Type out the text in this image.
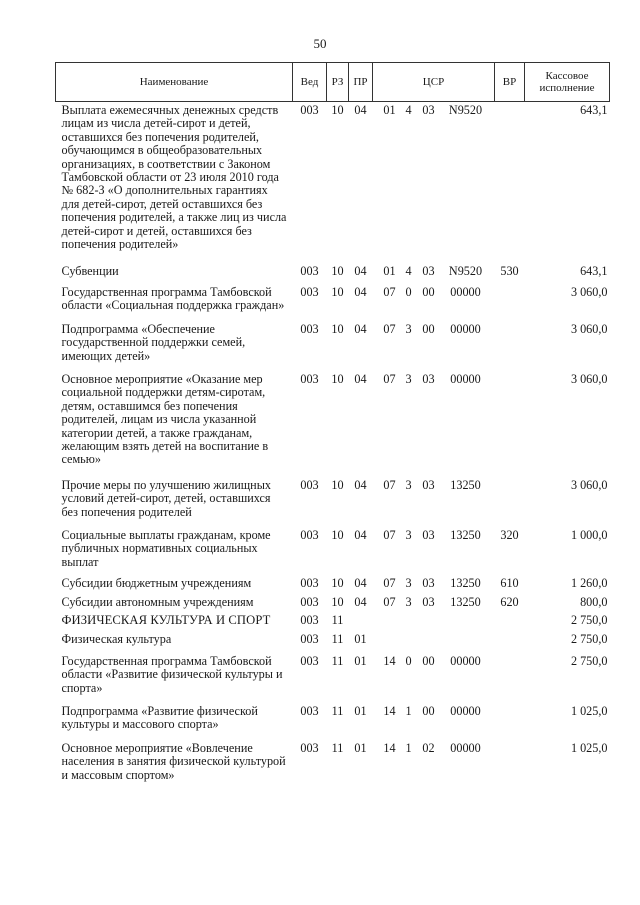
50
Наименование	Вед	РЗ	ПР	ЦСР	ВР	Кассовое исполнение
Выплата ежемесячных денежных средств лицам из числа детей-сирот и детей, оставшихся без попечения родителей, обучающимся в общеобразовательных организациях, в соответствии с Законом Тамбовской области от 23 июля 2010 года № 682-З «О дополнительных гарантиях для детей-сирот, детей оставшихся без попечения родителей, а также лиц из числа детей-сирот и детей, оставшихся без попечения родителей»	003	10	04	01 4 03 N9520		643,1
Субвенции	003	10	04	01 4 03 N9520	530	643,1
Государственная программа Тамбовской области «Социальная поддержка граждан»	003	10	04	07 0 00 00000		3 060,0
Подпрограмма «Обеспечение государственной поддержки семей, имеющих детей»	003	10	04	07 3 00 00000		3 060,0
Основное мероприятие «Оказание мер социальной поддержки детям-сиротам, детям, оставшимся без попечения родителей, лицам из числа указанной категории детей, а также гражданам, желающим взять детей на воспитание в семью»	003	10	04	07 3 03 00000		3 060,0
Прочие меры по улучшению жилищных условий детей-сирот, детей, оставшихся без попечения родителей	003	10	04	07 3 03 13250		3 060,0
Социальные выплаты гражданам, кроме публичных нормативных социальных выплат	003	10	04	07 3 03 13250	320	1 000,0
Субсидии бюджетным учреждениям	003	10	04	07 3 03 13250	610	1 260,0
Субсидии автономным учреждениям	003	10	04	07 3 03 13250	620	800,0
ФИЗИЧЕСКАЯ КУЛЬТУРА И СПОРТ	003	11				2 750,0
Физическая культура	003	11	01			2 750,0
Государственная программа Тамбовской области «Развитие физической культуры и спорта»	003	11	01	14 0 00 00000		2 750,0
Подпрограмма «Развитие физической культуры и массового спорта»	003	11	01	14 1 00 00000		1 025,0
Основное мероприятие «Вовлечение населения в занятия физической культурой и массовым спортом»	003	11	01	14 1 02 00000		1 025,0
